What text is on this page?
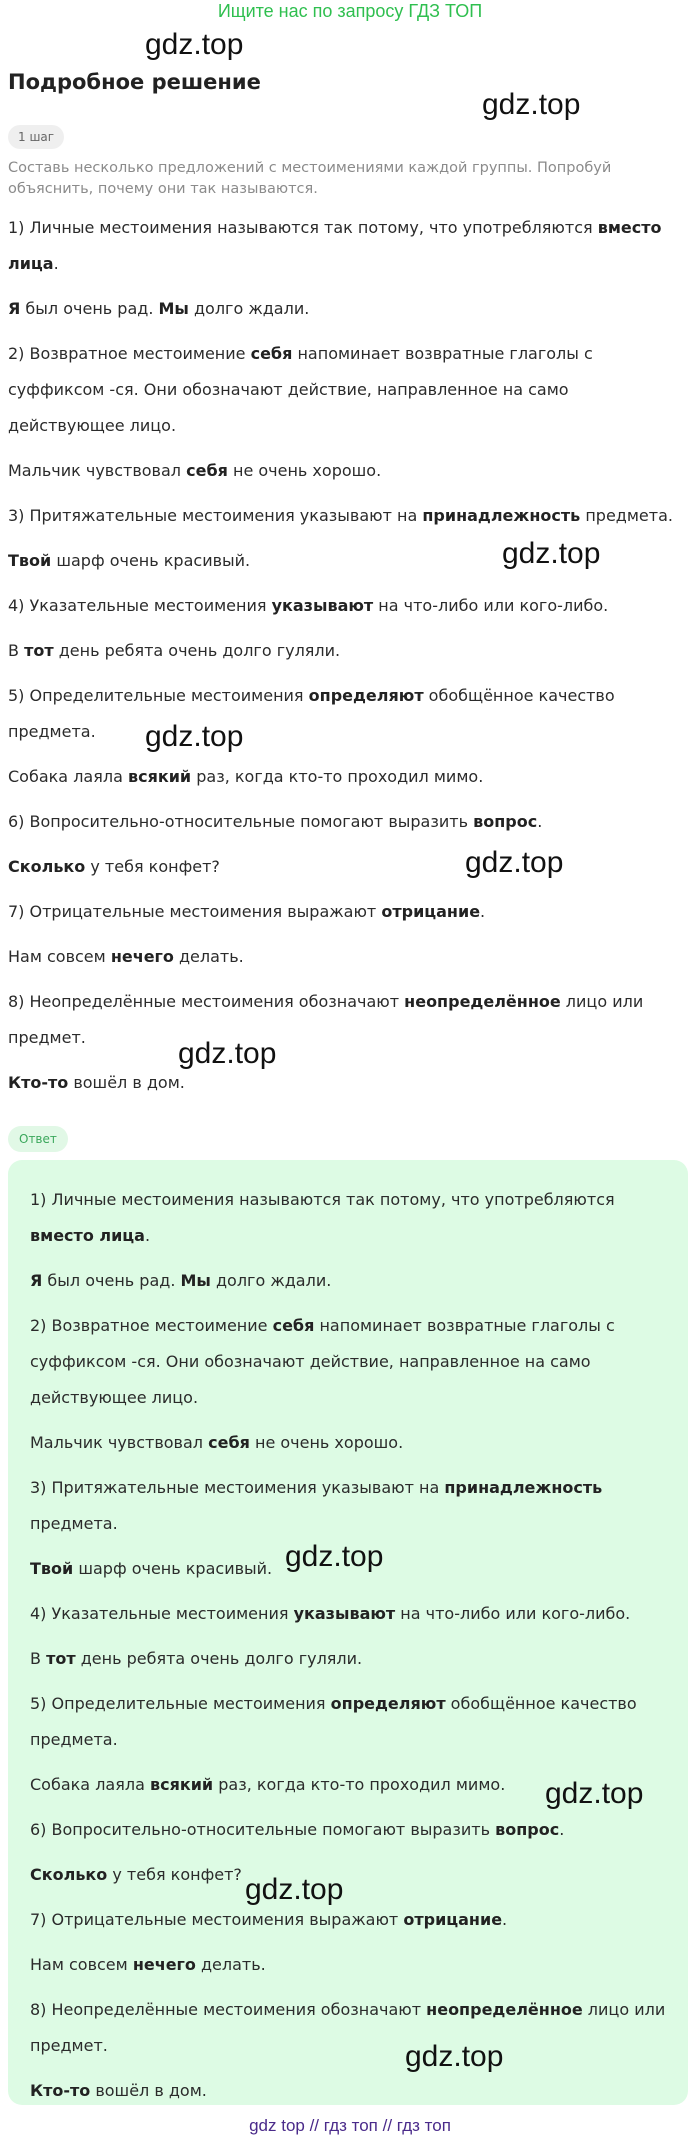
Ищите нас по запросу ГДЗ ТОП
Подробное решение
1 шаг
Составь несколько предложений с местоимениями каждой группы. Попробуй объяснить, почему они так называются.

1) Личные местоимения называются так потому, что употребляются вместо лица.

Я был очень рад. Мы долго ждали.

2) Возвратное местоимение себя напоминает возвратные глаголы с суффиксом -ся. Они обозначают действие, направленное на само действующее лицо.

Мальчик чувствовал себя не очень хорошо.

3) Притяжательные местоимения указывают на принадлежность предмета.

Твой шарф очень красивый.

4) Указательные местоимения указывают на что-либо или кого-либо.

В тот день ребята очень долго гуляли.

5) Определительные местоимения определяют обобщённое качество предмета.

Собака лаяла всякий раз, когда кто-то проходил мимо.

6) Вопросительно-относительные помогают выразить вопрос.

Сколько у тебя конфет?

7) Отрицательные местоимения выражают отрицание.

Нам совсем нечего делать.

8) Неопределённые местоимения обозначают неопределённое лицо или предмет.

Кто-то вошёл в дом.

Ответ

1) Личные местоимения называются так потому, что употребляются вместо лица.

Я был очень рад. Мы долго ждали.

2) Возвратное местоимение себя напоминает возвратные глаголы с суффиксом -ся. Они обозначают действие, направленное на само действующее лицо.

Мальчик чувствовал себя не очень хорошо.

3) Притяжательные местоимения указывают на принадлежность предмета.

Твой шарф очень красивый.

4) Указательные местоимения указывают на что-либо или кого-либо.

В тот день ребята очень долго гуляли.

5) Определительные местоимения определяют обобщённое качество предмета.

Собака лаяла всякий раз, когда кто-то проходил мимо.

6) Вопросительно-относительные помогают выразить вопрос.

Сколько у тебя конфет?

7) Отрицательные местоимения выражают отрицание.

Нам совсем нечего делать.

8) Неопределённые местоимения обозначают неопределённое лицо или предмет.

Кто-то вошёл в дом.

gdz.top
gdz.top
gdz.top
gdz.top
gdz.top
gdz.top
gdz.top
gdz.top
gdz.top
gdz.top
gdz top // гдз топ // гдз топ
